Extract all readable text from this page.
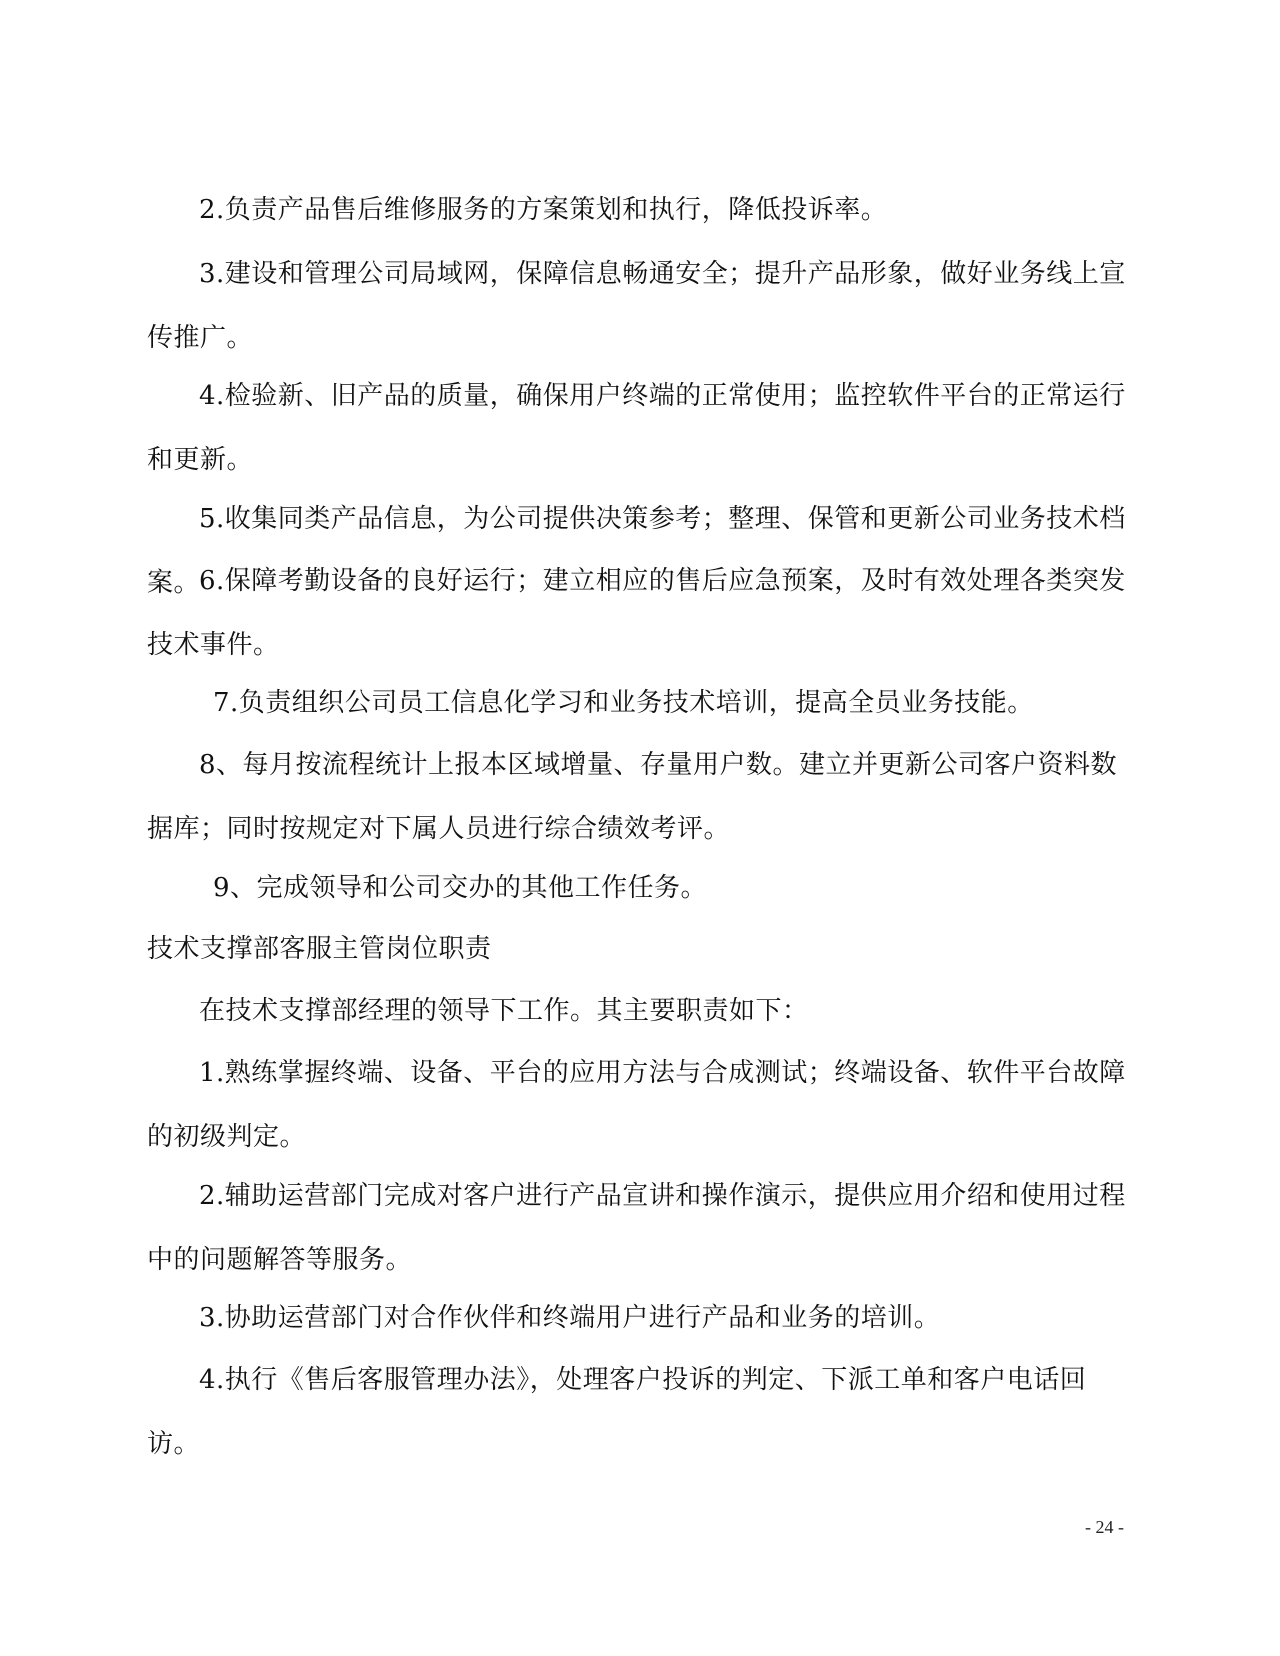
2.负责产品售后维修服务的方案策划和执行，降低投诉率。

3.建设和管理公司局域网，保障信息畅通安全；提升产品形象，做好业务线上宣传推广。

4.检验新、旧产品的质量，确保用户终端的正常使用；监控软件平台的正常运行和更新。

5.收集同类产品信息，为公司提供决策参考；整理、保管和更新公司业务技术档案。

6.保障考勤设备的良好运行；建立相应的售后应急预案，及时有效处理各类突发技术事件。

7.负责组织公司员工信息化学习和业务技术培训，提高全员业务技能。

8、每月按流程统计上报本区域增量、存量用户数。建立并更新公司客户资料数据库；同时按规定对下属人员进行综合绩效考评。

9、完成领导和公司交办的其他工作任务。

技术支撑部客服主管岗位职责

在技术支撑部经理的领导下工作。其主要职责如下：

1.熟练掌握终端、设备、平台的应用方法与合成测试；终端设备、软件平台故障的初级判定。

2.辅助运营部门完成对客户进行产品宣讲和操作演示，提供应用介绍和使用过程中的问题解答等服务。

3.协助运营部门对合作伙伴和终端用户进行产品和业务的培训。

4.执行《售后客服管理办法》，处理客户投诉的判定、下派工单和客户电话回访。

- 24 -
